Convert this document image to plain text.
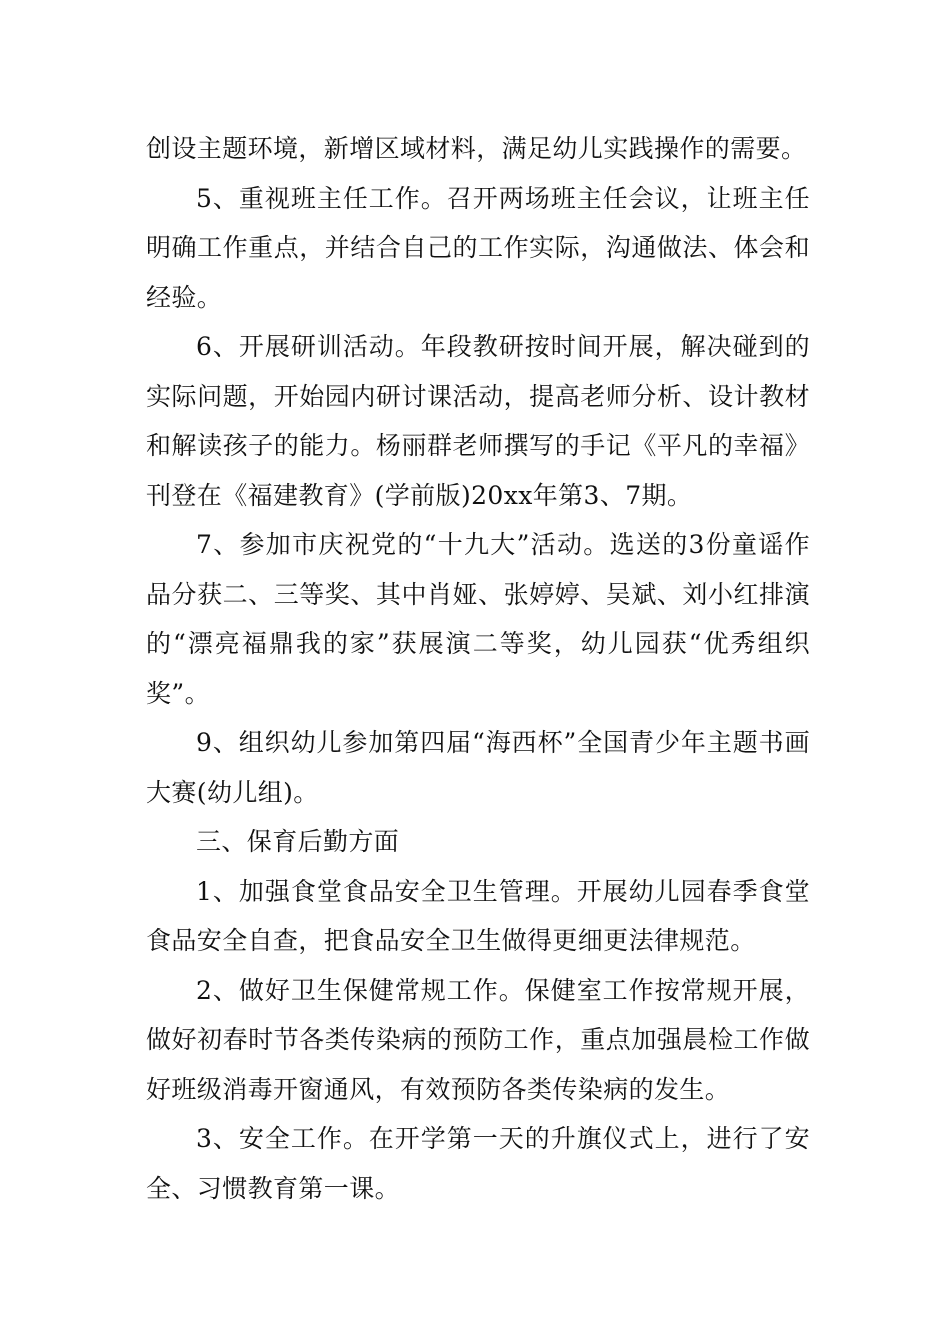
创设主题环境，新增区域材料，满足幼儿实践操作的需要。

5、重视班主任工作。召开两场班主任会议，让班主任明确工作重点，并结合自己的工作实际，沟通做法、体会和经验。

6、开展研训活动。年段教研按时间开展，解决碰到的实际问题，开始园内研讨课活动，提高老师分析、设计教材和解读孩子的能力。杨丽群老师撰写的手记《平凡的幸福》刊登在《福建教育》(学前版)20xx年第3、7期。

7、参加市庆祝党的“十九大”活动。选送的3份童谣作品分获二、三等奖、其中肖娅、张婷婷、吴斌、刘小红排演的“漂亮福鼎我的家”获展演二等奖，幼儿园获“优秀组织奖”。

9、组织幼儿参加第四届“海西杯”全国青少年主题书画大赛(幼儿组)。

三、保育后勤方面

1、加强食堂食品安全卫生管理。开展幼儿园春季食堂食品安全自查，把食品安全卫生做得更细更法律规范。

2、做好卫生保健常规工作。保健室工作按常规开展，做好初春时节各类传染病的预防工作，重点加强晨检工作做好班级消毒开窗通风，有效预防各类传染病的发生。

3、安全工作。在开学第一天的升旗仪式上，进行了安全、习惯教育第一课。
